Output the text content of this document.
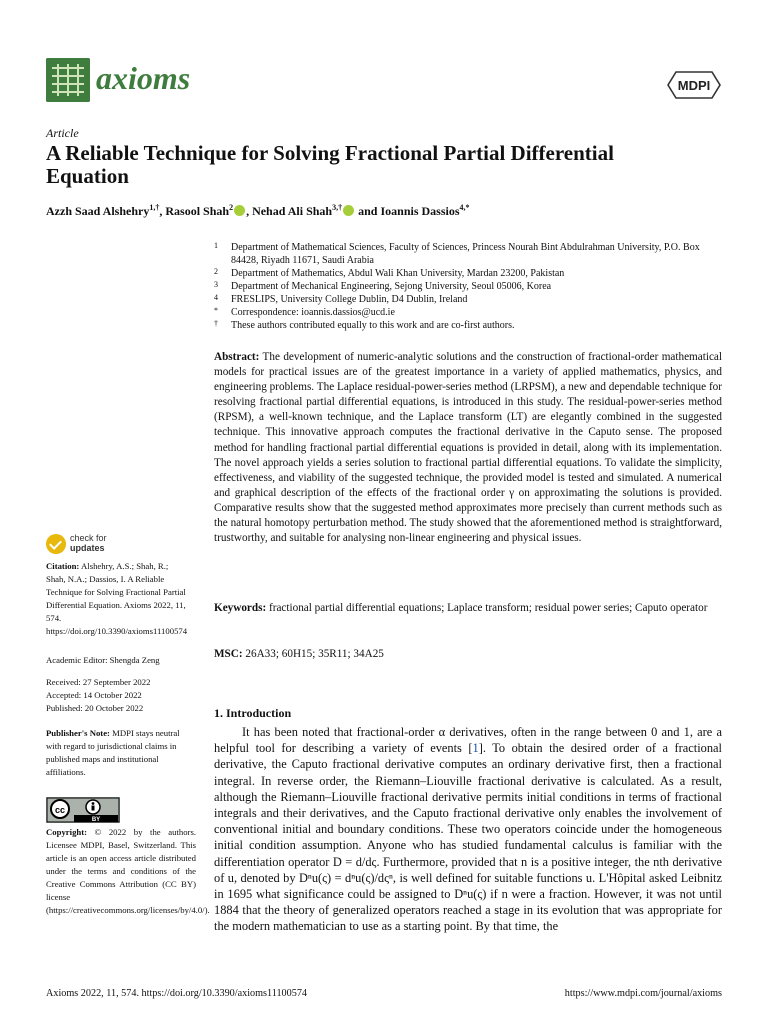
axioms	MDPI
Article
A Reliable Technique for Solving Fractional Partial Differential Equation
Azzh Saad Alshehry$^{1,\dagger}$, Rasool Shah$^2$ , Nehad Ali Shah$^{3,\dagger}$ and Ioannis Dassios$^{4,*}$
1 Department of Mathematical Sciences, Faculty of Sciences, Princess Nourah Bint Abdulrahman University, P.O. Box 84428, Riyadh 11671, Saudi Arabia
2 Department of Mathematics, Abdul Wali Khan University, Mardan 23200, Pakistan
3 Department of Mechanical Engineering, Sejong University, Seoul 05006, Korea
4 FRESLIPS, University College Dublin, D4 Dublin, Ireland
* Correspondence: ioannis.dassios@ucd.ie
† These authors contributed equally to this work and are co-first authors.

Abstract: The development of numeric-analytic solutions and the construction of fractional-order mathematical models for practical issues are of the greatest importance in a variety of applied mathematics, physics, and engineering problems. The Laplace residual-power-series method (LRPSM), a new and dependable technique for resolving fractional partial differential equations, is introduced in this study. The residual-power-series method (RPSM), a well-known technique, and the Laplace transform (LT) are elegantly combined in the suggested technique. This innovative approach computes the fractional derivative in the Caputo sense. The proposed method for handling fractional partial differential equations is provided in detail, along with its implementation. The novel approach yields a series solution to fractional partial differential equations. To validate the simplicity, effectiveness, and viability of the suggested technique, the provided model is tested and simulated. A numerical and graphical description of the effects of the fractional order γ on approximating the solutions is provided. Comparative results show that the suggested method approximates more precisely than current methods such as the natural homotopy perturbation method. The study showed that the aforementioned method is straightforward, trustworthy, and suitable for analysing non-linear engineering and physical issues.

Keywords: fractional partial differential equations; Laplace transform; residual power series; Caputo operator

MSC: 26A33; 60H15; 35R11; 34A25

1. Introduction

It has been noted that fractional-order α derivatives, often in the range between 0 and 1, are a helpful tool for describing a variety of events [1]. To obtain the desired order of a fractional derivative, the Caputo fractional derivative computes an ordinary derivative first, then a fractional integral. In reverse order, the Riemann–Liouville fractional derivative is calculated. As a result, although the Riemann–Liouville fractional derivative permits initial conditions in terms of fractional integrals and their derivatives, and the Caputo fractional derivative only enables the involvement of conventional initial and boundary conditions. These two operators coincide under the homogeneous initial condition assumption. Anyone who has studied fundamental calculus is familiar with the differentiation operator D = d/dς. Furthermore, provided that n is a positive integer, the nth derivative of u, denoted by Dⁿu(ς) = dⁿu(ς)/dςⁿ, is well defined for suitable functions u. L'Hôpital asked Leibnitz in 1695 what significance could be assigned to Dⁿu(ς) if n were a fraction. However, it was not until 1884 that the theory of generalized operators reached a stage in its evolution that was appropriate for the modern mathematician to use as a starting point. By that time, the

check for
updates

Citation: Alshehry, A.S.; Shah, R.; Shah, N.A.; Dassios, I. A Reliable Technique for Solving Fractional Partial Differential Equation. Axioms 2022, 11, 574. https://doi.org/10.3390/axioms11100574

Academic Editor: Shengda Zeng

Received: 27 September 2022
Accepted: 14 October 2022
Published: 20 October 2022

Publisher's Note: MDPI stays neutral with regard to jurisdictional claims in published maps and institutional affiliations.

cc
BY

Copyright: © 2022 by the authors. Licensee MDPI, Basel, Switzerland. This article is an open access article distributed under the terms and conditions of the Creative Commons Attribution (CC BY) license (https://creativecommons.org/licenses/by/4.0/).

Axioms 2022, 11, 574. https://doi.org/10.3390/axioms11100574	https://www.mdpi.com/journal/axioms
